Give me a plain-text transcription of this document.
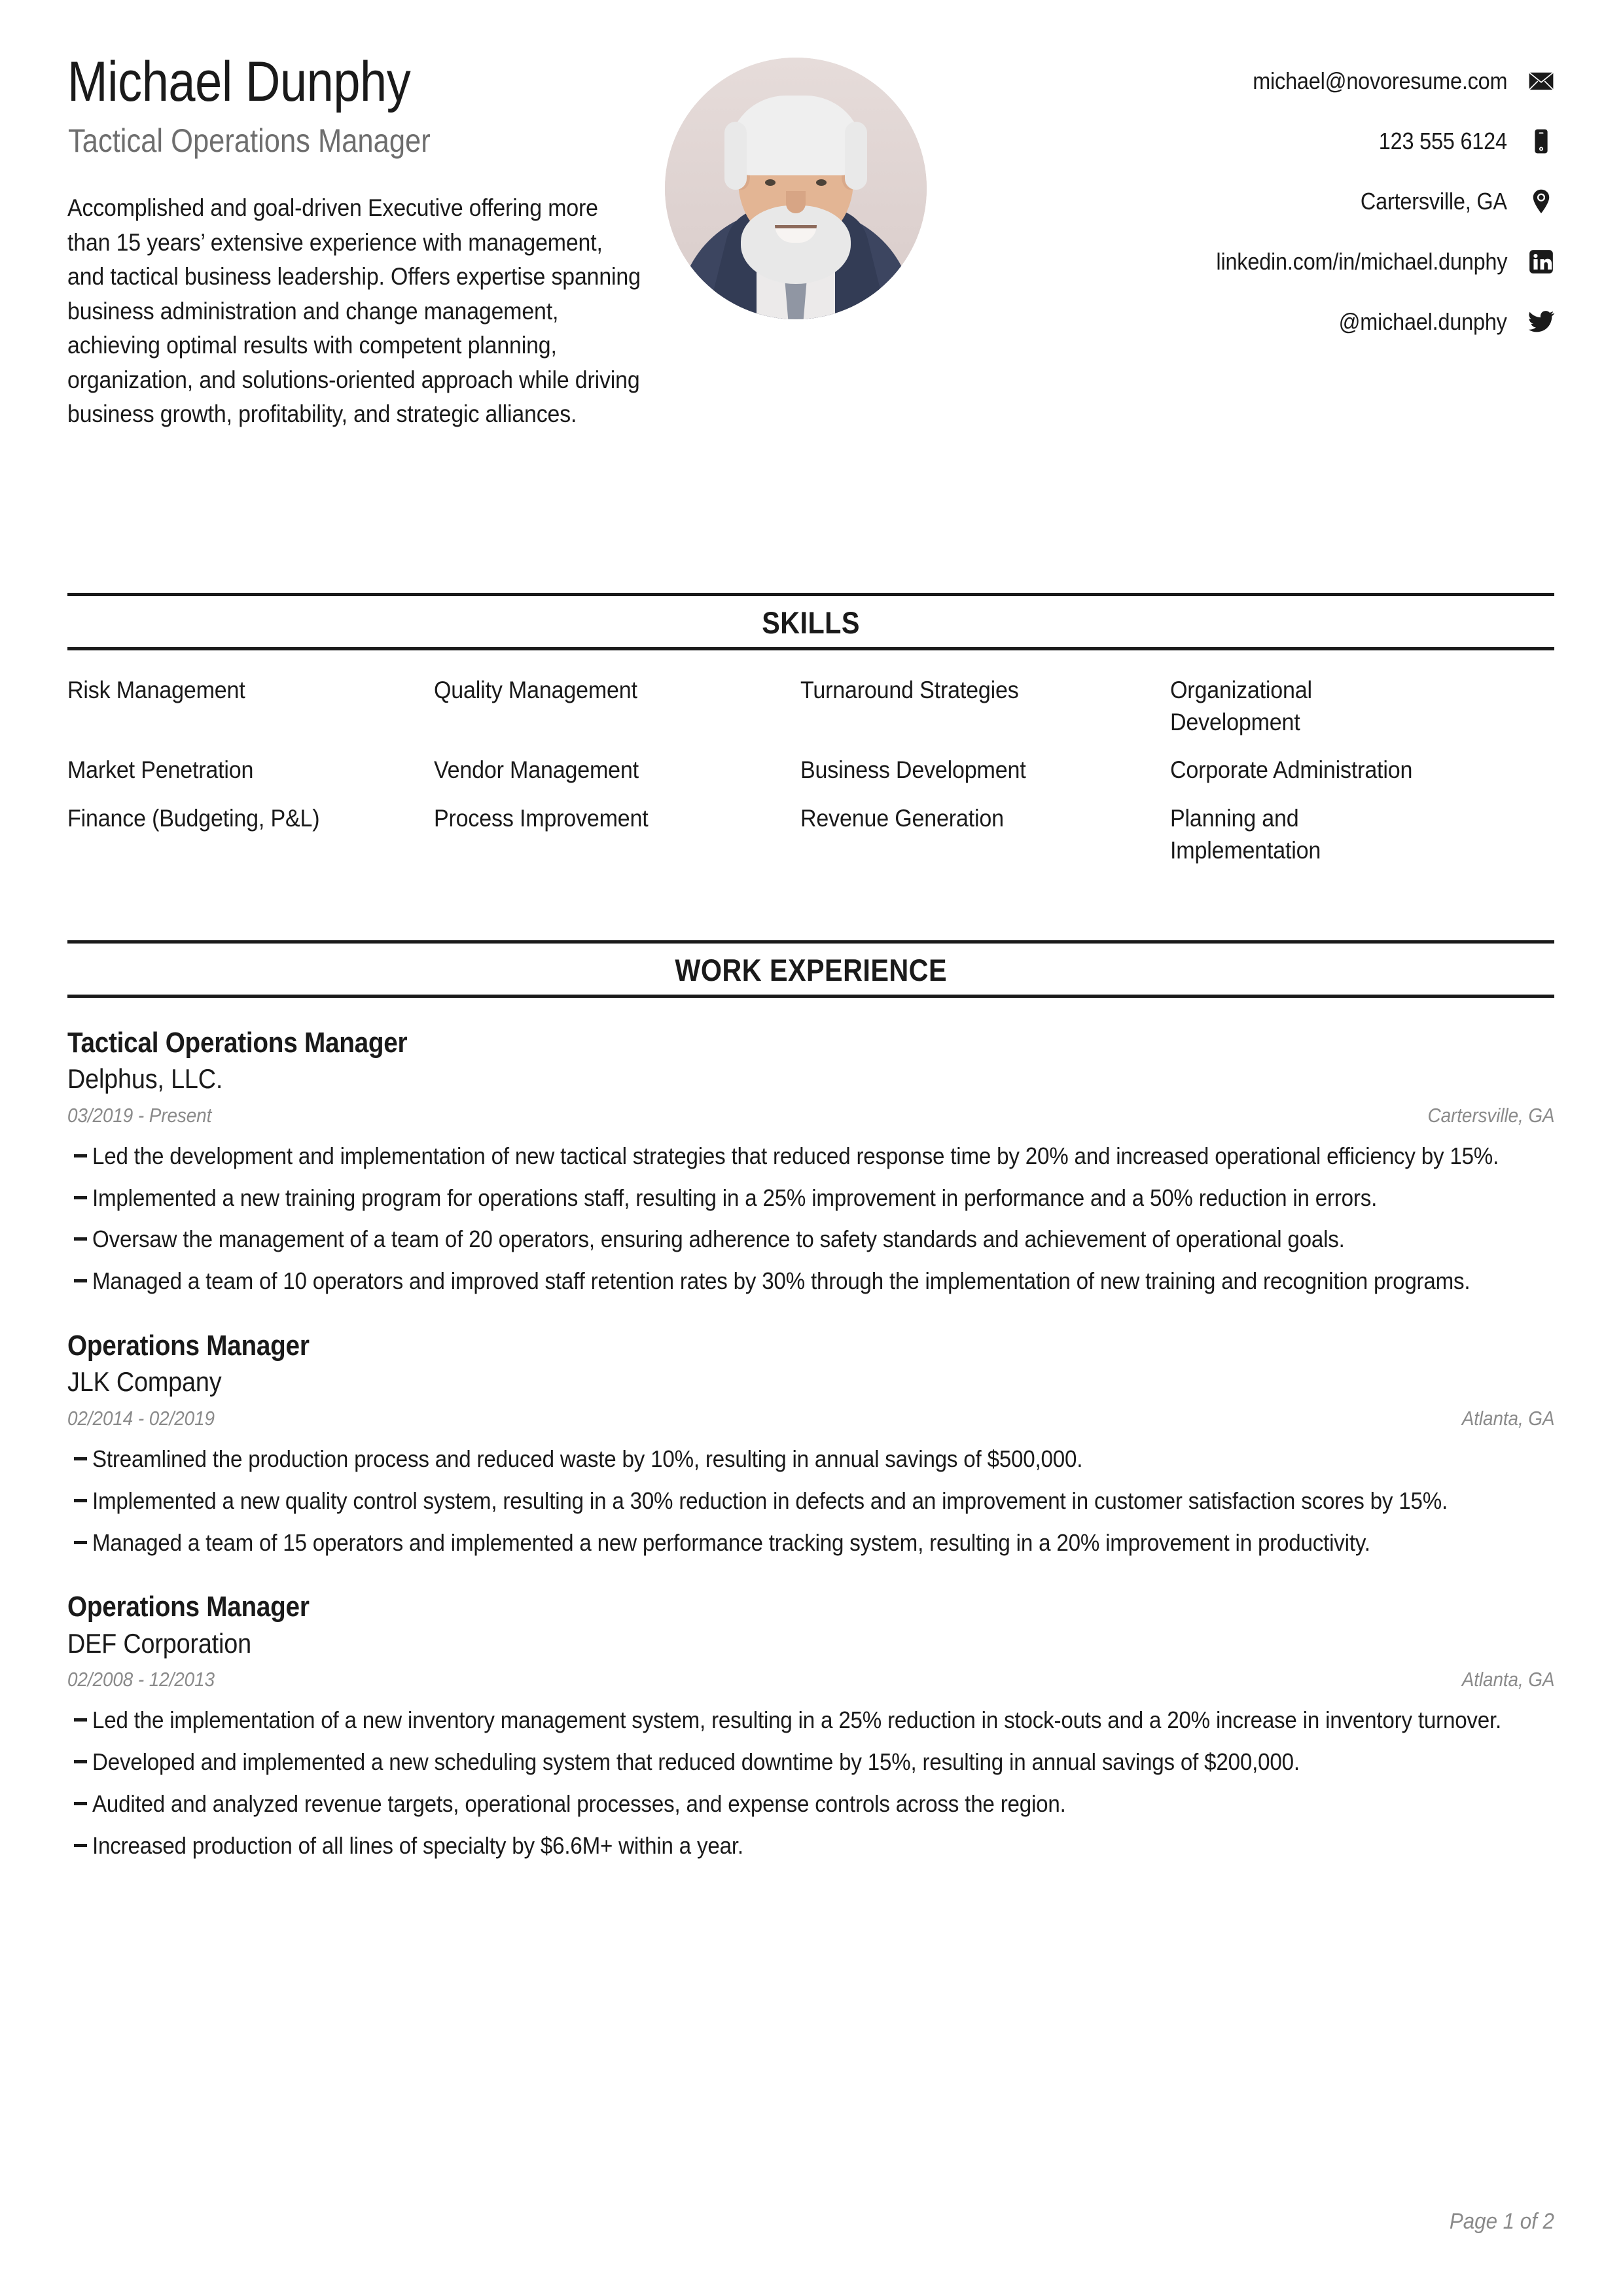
Michael Dunphy
Tactical Operations Manager
Accomplished and goal-driven Executive offering more than 15 years’ extensive experience with management, and tactical business leadership. Offers expertise spanning business administration and change management, achieving optimal results with competent planning, organization, and solutions-oriented approach while driving business growth, profitability, and strategic alliances.
michael@novoresume.com
123 555 6124
Cartersville, GA
linkedin.com/in/michael.dunphy
@michael.dunphy
SKILLS
Risk Management	Quality Management	Turnaround Strategies	Organizational Development
Market Penetration	Vendor Management	Business Development	Corporate Administration
Finance (Budgeting, P&L)	Process Improvement	Revenue Generation	Planning and Implementation
WORK EXPERIENCE
Tactical Operations Manager
Delphus, LLC.
03/2019 - Present	Cartersville, GA
Led the development and implementation of new tactical strategies that reduced response time by 20% and increased operational efficiency by 15%.
Implemented a new training program for operations staff, resulting in a 25% improvement in performance and a 50% reduction in errors.
Oversaw the management of a team of 20 operators, ensuring adherence to safety standards and achievement of operational goals.
Managed a team of 10 operators and improved staff retention rates by 30% through the implementation of new training and recognition programs.
Operations Manager
JLK Company
02/2014 - 02/2019	Atlanta, GA
Streamlined the production process and reduced waste by 10%, resulting in annual savings of $500,000.
Implemented a new quality control system, resulting in a 30% reduction in defects and an improvement in customer satisfaction scores by 15%.
Managed a team of 15 operators and implemented a new performance tracking system, resulting in a 20% improvement in productivity.
Operations Manager
DEF Corporation
02/2008 - 12/2013	Atlanta, GA
Led the implementation of a new inventory management system, resulting in a 25% reduction in stock-outs and a 20% increase in inventory turnover.
Developed and implemented a new scheduling system that reduced downtime by 15%, resulting in annual savings of $200,000.
Audited and analyzed revenue targets, operational processes, and expense controls across the region.
Increased production of all lines of specialty by $6.6M+ within a year.
Page 1 of 2
